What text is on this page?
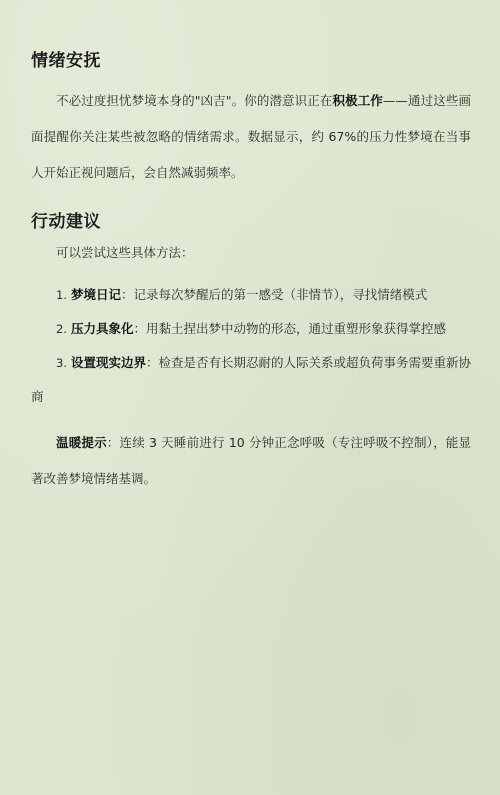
情绪安抚

不必过度担忧梦境本身的"凶吉"。你的潜意识正在积极工作——通过这些画面提醒你关注某些被忽略的情绪需求。数据显示，约 67%的压力性梦境在当事人开始正视问题后，会自然减弱频率。

行动建议

可以尝试这些具体方法：

1. 梦境日记：记录每次梦醒后的第一感受（非情节），寻找情绪模式
2. 压力具象化：用黏土捏出梦中动物的形态，通过重塑形象获得掌控感
3. 设置现实边界：检查是否有长期忍耐的人际关系或超负荷事务需要重新协商

温暖提示：连续 3 天睡前进行 10 分钟正念呼吸（专注呼吸不控制），能显著改善梦境情绪基调。
